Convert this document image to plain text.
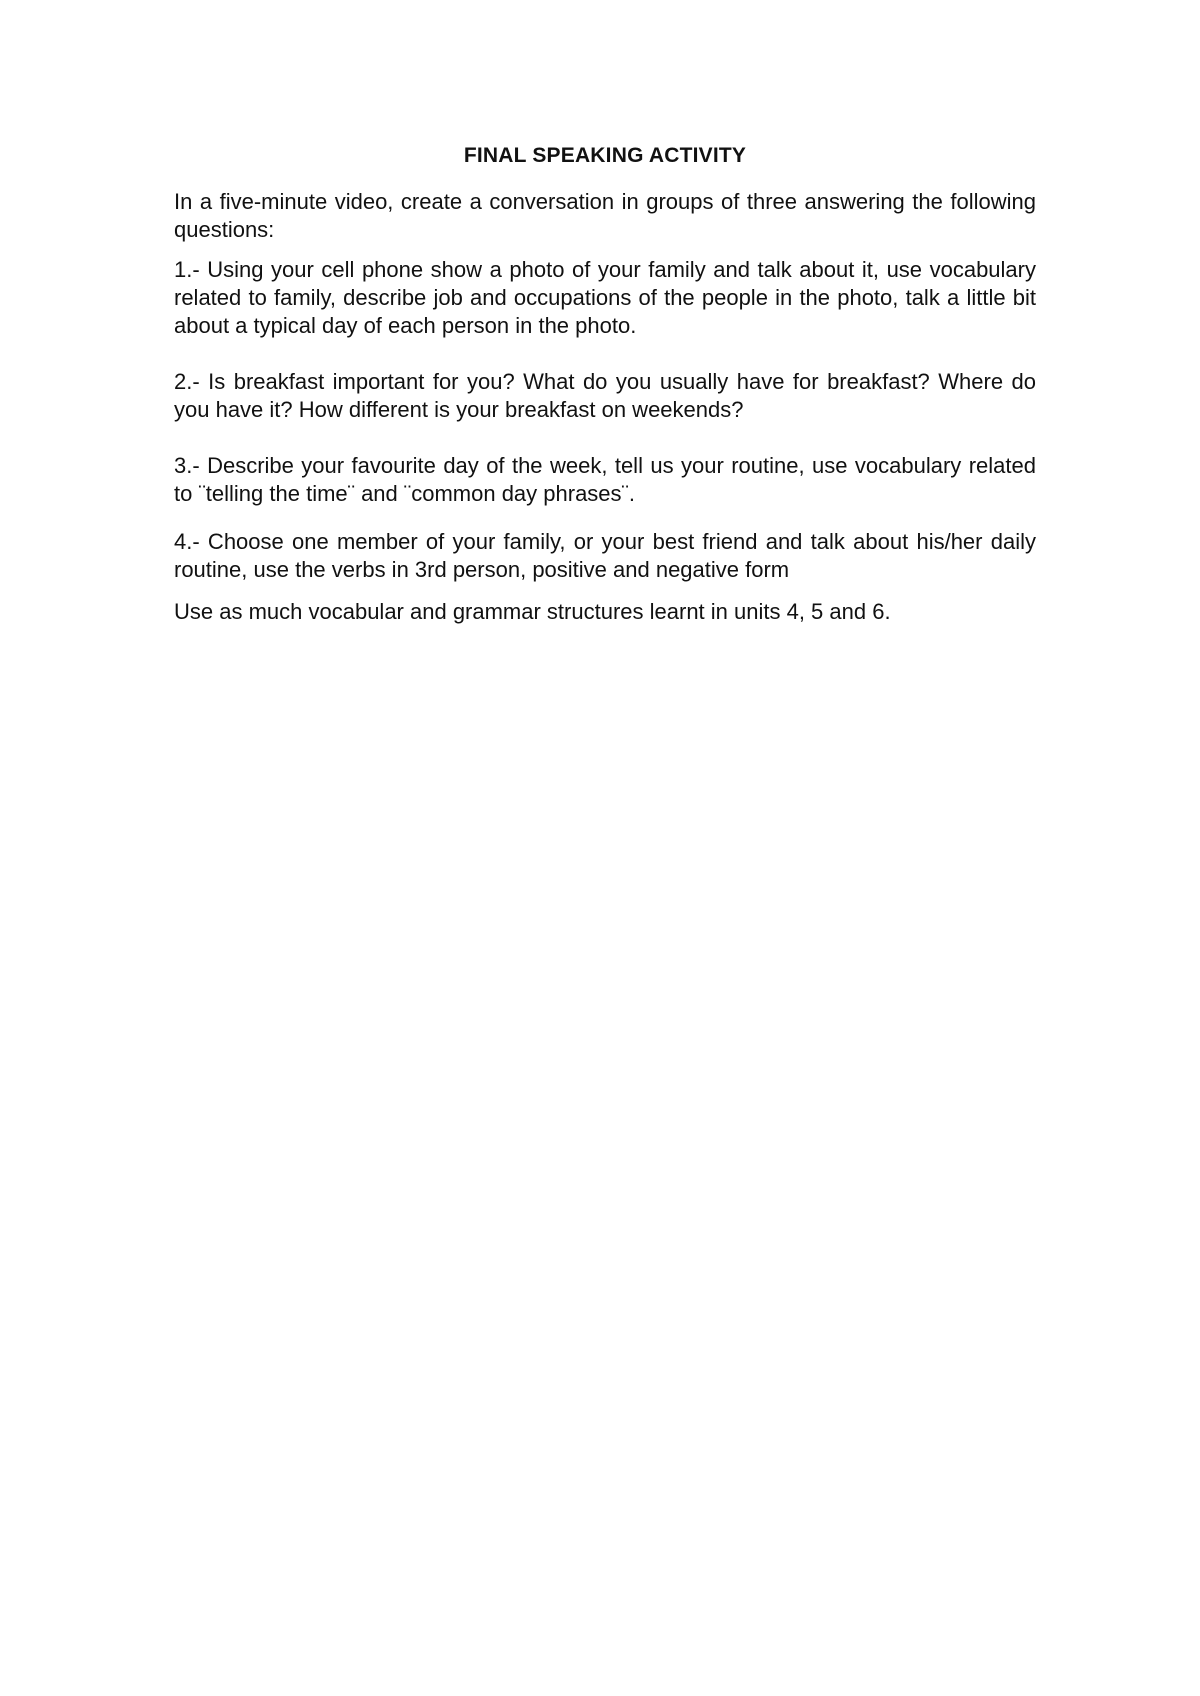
FINAL SPEAKING ACTIVITY

In a five-minute video, create a conversation in groups of three answering the following questions:

1.- Using your cell phone show a photo of your family and talk about it, use vocabulary related to family, describe job and occupations of the people in the photo, talk a little bit about a typical day of each person in the photo.

2.- Is breakfast important for you? What do you usually have for breakfast? Where do you have it? How different is your breakfast on weekends?

3.- Describe your favourite day of the week, tell us your routine, use vocabulary related to ¨telling the time¨ and ¨common day phrases¨.

4.- Choose one member of your family, or your best friend and talk about his/her daily routine, use the verbs in 3rd person, positive and negative form

Use as much vocabular and grammar structures learnt in units 4, 5 and 6.
